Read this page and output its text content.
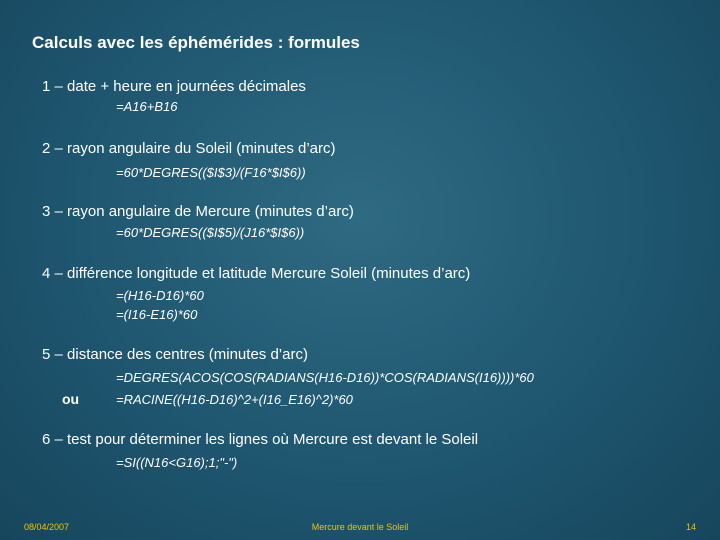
Calculs avec les éphémérides : formules
1 – date + heure en journées décimales
=A16+B16
2 – rayon angulaire du Soleil (minutes d’arc)
=60*DEGRES(($I$3)/(F16*$I$6))
3 – rayon angulaire de Mercure (minutes d’arc)
=60*DEGRES(($I$5)/(J16*$I$6))
4 – différence longitude et latitude Mercure Soleil (minutes d’arc)
=(H16-D16)*60
=(I16-E16)*60
5 – distance des centres (minutes d’arc)
=DEGRES(ACOS(COS(RADIANS(H16-D16))*COS(RADIANS(I16))))*60
ou	=RACINE((H16-D16)^2+(I16_E16)^2)*60
6 – test pour déterminer les lignes où Mercure est devant le Soleil
=SI((N16<G16);1;"-")
08/04/2007	Mercure devant le Soleil	14
